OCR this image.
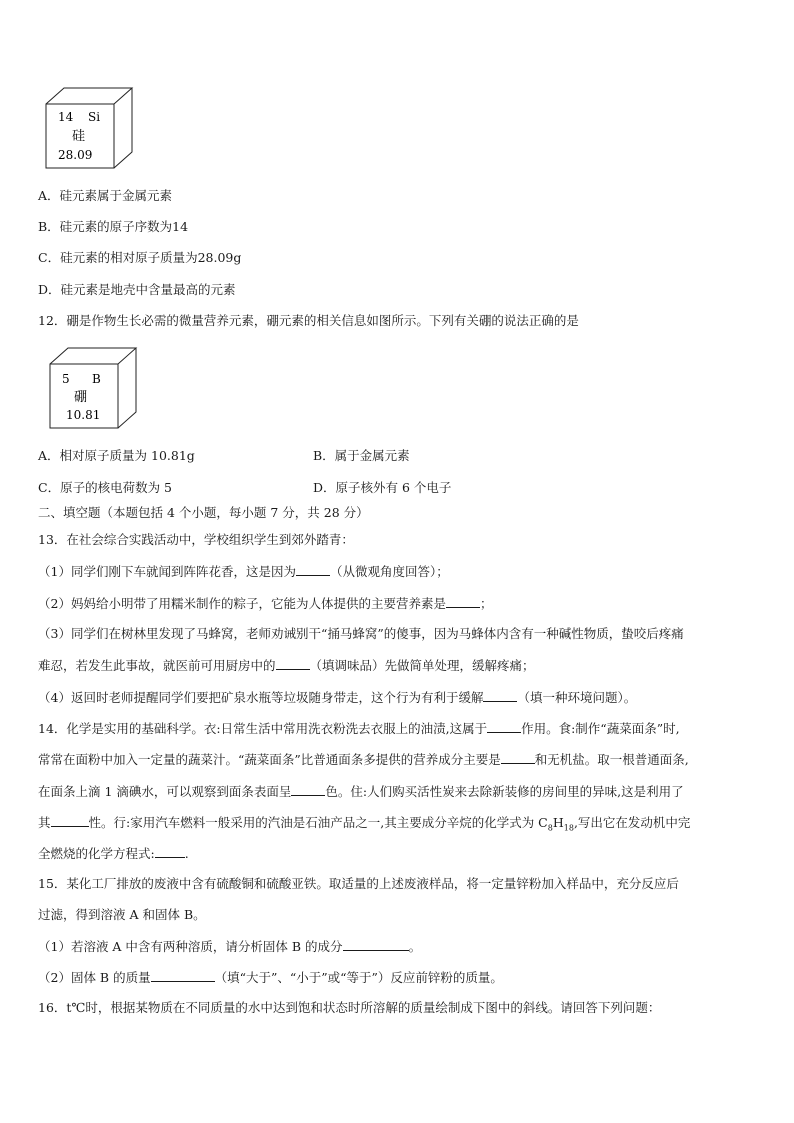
14 Si
硅
28.09
A．硅元素属于金属元素
B．硅元素的原子序数为14
C．硅元素的相对原子质量为28.09g
D．硅元素是地壳中含量最高的元素
12．硼是作物生长必需的微量营养元素，硼元素的相关信息如图所示。下列有关硼的说法正确的是
5 B
硼
10.81
A．相对原子质量为 10.81g	B．属于金属元素
C．原子的核电荷数为 5	D．原子核外有 6 个电子
二、填空题（本题包括 4 个小题，每小题 7 分，共 28 分）
13．在社会综合实践活动中，学校组织学生到郊外踏青：
（1）同学们刚下车就闻到阵阵花香，这是因为	（从微观角度回答）；
（2）妈妈给小明带了用糯米制作的粽子，它能为人体提供的主要营养素是	；
（3）同学们在树林里发现了马蜂窝，老师劝诫别干“捅马蜂窝”的傻事，因为马蜂体内含有一种碱性物质，蛰咬后疼痛
难忍，若发生此事故，就医前可用厨房中的	（填调味品）先做简单处理，缓解疼痛；
（4）返回时老师提醒同学们要把矿泉水瓶等垃圾随身带走，这个行为有利于缓解	（填一种环境问题）。
14．化学是实用的基础科学。衣:日常生活中常用洗衣粉洗去衣服上的油渍,这属于	作用。食:制作“蔬菜面条”时,
常常在面粉中加入一定量的蔬菜汁。“蔬菜面条”比普通面条多提供的营养成分主要是	和无机盐。取一根普通面条,
在面条上滴 1 滴碘水，可以观察到面条表面呈	色。住:人们购买活性炭来去除新装修的房间里的异味,这是利用了
其	性。行:家用汽车燃料一般采用的汽油是石油产品之一,其主要成分辛烷的化学式为 $C_8H_{18}$,写出它在发动机中完
全燃烧的化学方程式: .
15．某化工厂排放的废液中含有硫酸铜和硫酸亚铁。取适量的上述废液样品，将一定量锌粉加入样品中，充分反应后
过滤，得到溶液 A 和固体 B。
（1）若溶液 A 中含有两种溶质，请分析固体 B 的成分	。
（2）固体 B 的质量	（填“大于”、“小于”或“等于”）反应前锌粉的质量。
16．t℃时，根据某物质在不同质量的水中达到饱和状态时所溶解的质量绘制成下图中的斜线。请回答下列问题：
